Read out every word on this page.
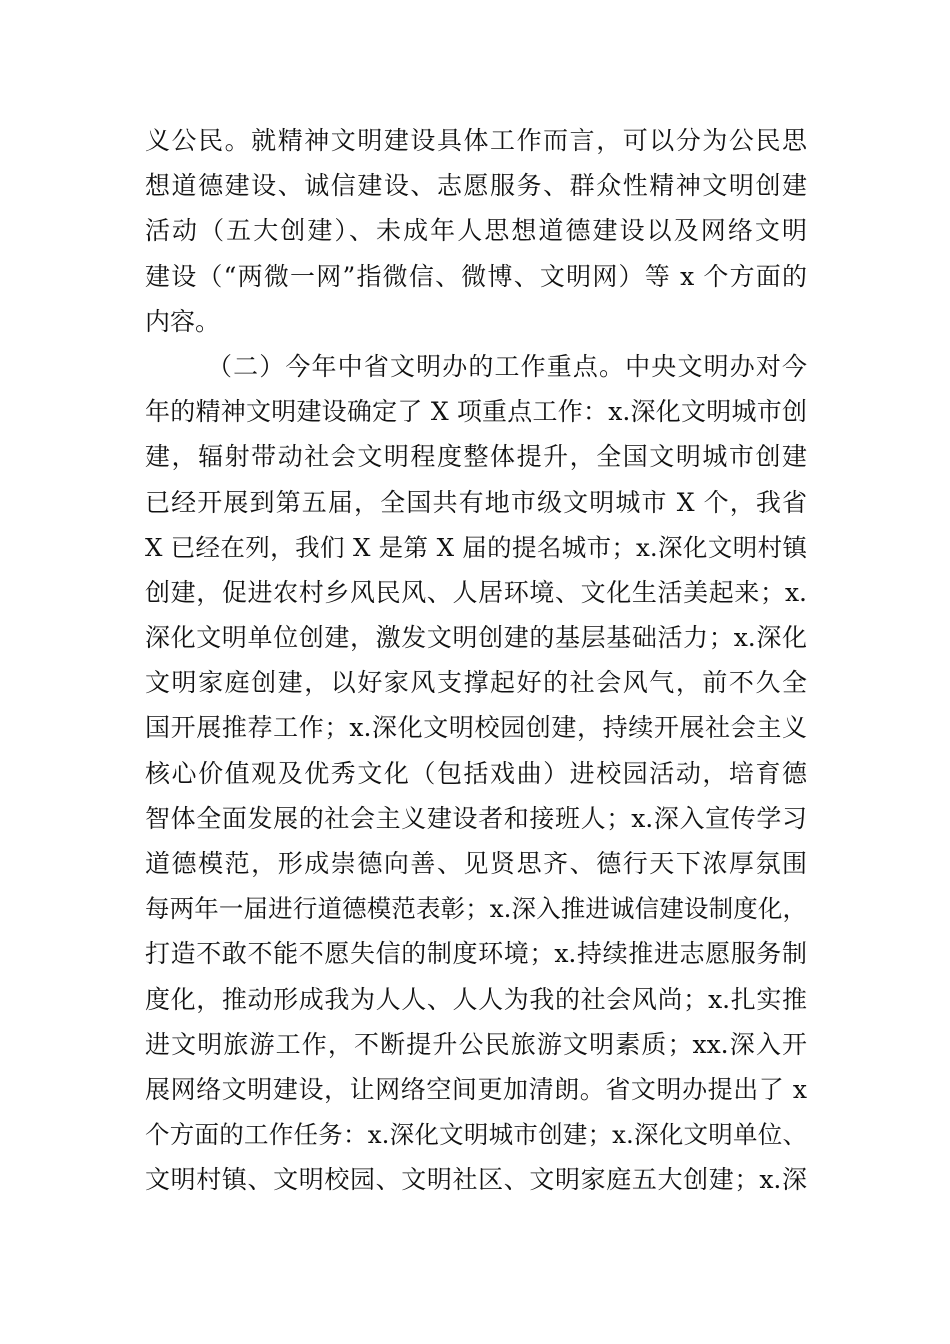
义公民。就精神文明建设具体工作而言，可以分为公民思
想道德建设、诚信建设、志愿服务、群众性精神文明创建
活动（五大创建）、未成年人思想道德建设以及网络文明
建设（“两微一网”指微信、微博、文明网）等 x 个方面的
内容。
（二）今年中省文明办的工作重点。中央文明办对今
年的精神文明建设确定了 X 项重点工作：x.深化文明城市创
建，辐射带动社会文明程度整体提升，全国文明城市创建
已经开展到第五届，全国共有地市级文明城市 X 个，我省
X 已经在列，我们 X 是第 X 届的提名城市；x.深化文明村镇
创建，促进农村乡风民风、人居环境、文化生活美起来；x.
深化文明单位创建，激发文明创建的基层基础活力；x.深化
文明家庭创建，以好家风支撑起好的社会风气，前不久全
国开展推荐工作；x.深化文明校园创建，持续开展社会主义
核心价值观及优秀文化（包括戏曲）进校园活动，培育德
智体全面发展的社会主义建设者和接班人；x.深入宣传学习
道德模范，形成崇德向善、见贤思齐、德行天下浓厚氛围
每两年一届进行道德模范表彰；x.深入推进诚信建设制度化，
打造不敢不能不愿失信的制度环境；x.持续推进志愿服务制
度化，推动形成我为人人、人人为我的社会风尚；x.扎实推
进文明旅游工作，不断提升公民旅游文明素质；xx.深入开
展网络文明建设，让网络空间更加清朗。省文明办提出了 x
个方面的工作任务：x.深化文明城市创建；x.深化文明单位、
文明村镇、文明校园、文明社区、文明家庭五大创建；x.深
